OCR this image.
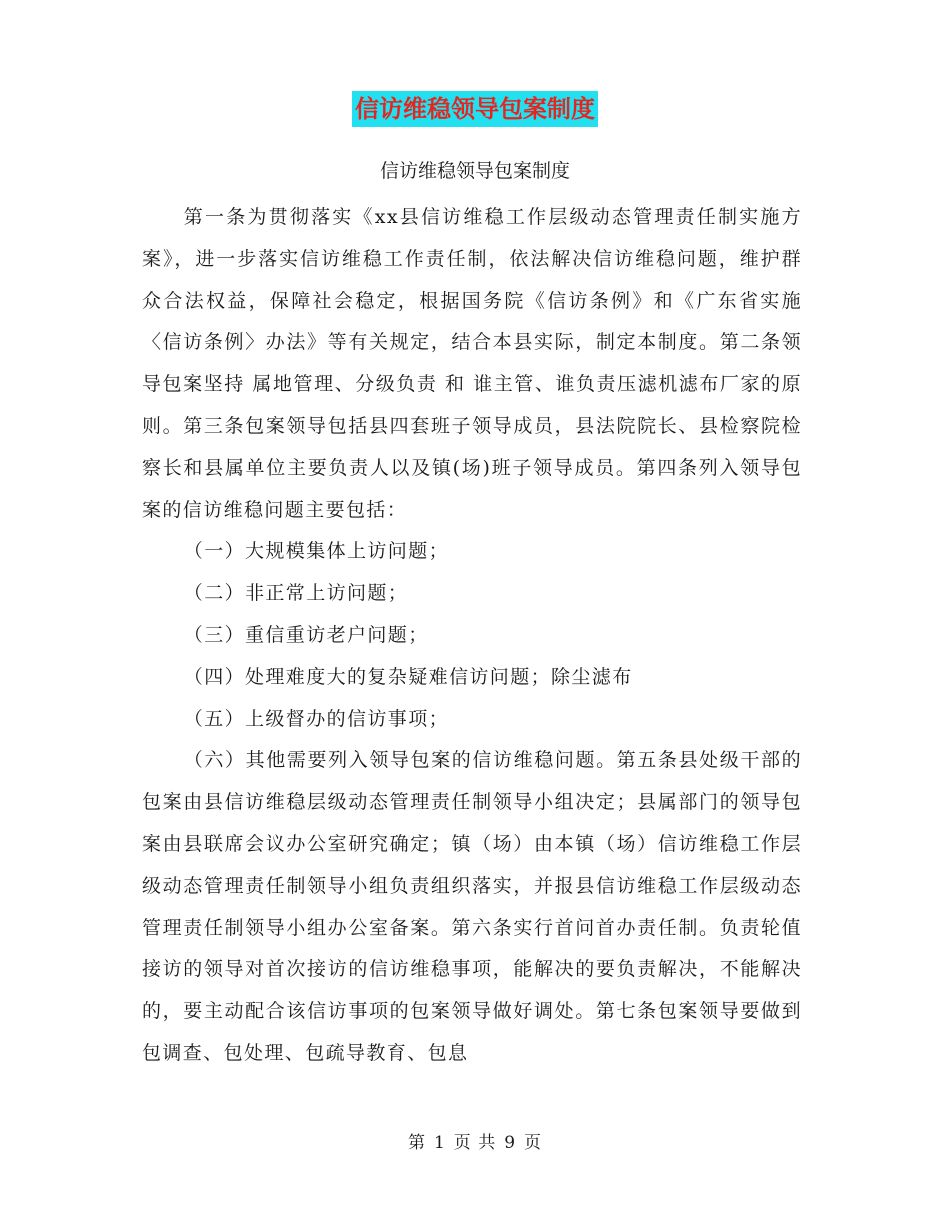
信访维稳领导包案制度
信访维稳领导包案制度

第一条为贯彻落实《xx县信访维稳工作层级动态管理责任制实施方案》，进一步落实信访维稳工作责任制，依法解决信访维稳问题，维护群众合法权益，保障社会稳定，根据国务院《信访条例》和《广东省实施〈信访条例〉办法》等有关规定，结合本县实际，制定本制度。第二条领导包案坚持 属地管理、分级负责 和 谁主管、谁负责压滤机滤布厂家的原则。第三条包案领导包括县四套班子领导成员，县法院院长、县检察院检察长和县属单位主要负责人以及镇(场)班子领导成员。第四条列入领导包案的信访维稳问题主要包括：

（一）大规模集体上访问题；

（二）非正常上访问题；

（三）重信重访老户问题；

（四）处理难度大的复杂疑难信访问题；除尘滤布

（五）上级督办的信访事项；

（六）其他需要列入领导包案的信访维稳问题。第五条县处级干部的包案由县信访维稳层级动态管理责任制领导小组决定；县属部门的领导包案由县联席会议办公室研究确定；镇（场）由本镇（场）信访维稳工作层级动态管理责任制领导小组负责组织落实，并报县信访维稳工作层级动态管理责任制领导小组办公室备案。第六条实行首问首办责任制。负责轮值接访的领导对首次接访的信访维稳事项，能解决的要负责解决，不能解决的，要主动配合该信访事项的包案领导做好调处。第七条包案领导要做到包调查、包处理、包疏导教育、包息

第 1 页 共 9 页
